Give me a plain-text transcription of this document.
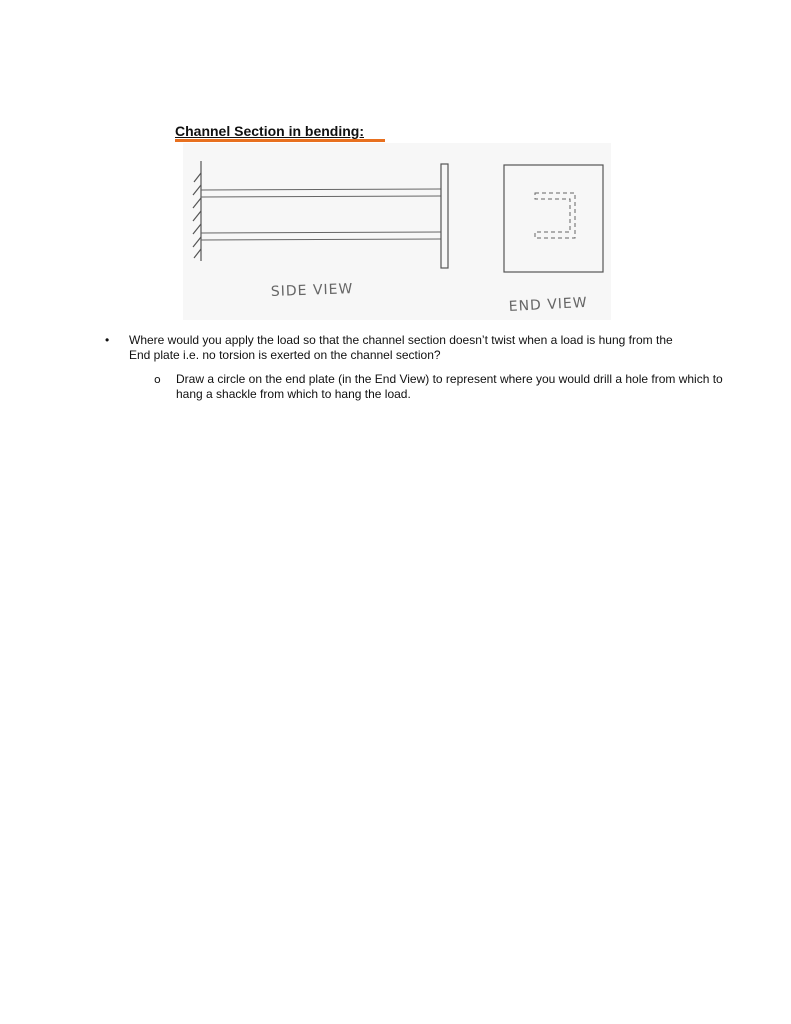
Channel Section in bending:
SIDE VIEW
END VIEW
• Where would you apply the load so that the channel section doesn’t twist when a load is hung from the End plate i.e. no torsion is exerted on the channel section?
o Draw a circle on the end plate (in the End View) to represent where you would drill a hole from which to hang a shackle from which to hang the load.
